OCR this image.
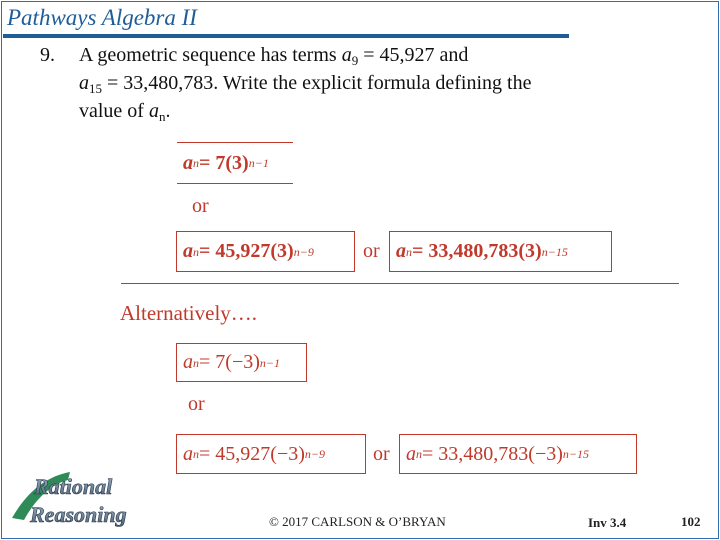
Pathways Algebra II
9. A geometric sequence has terms $a_9 = 45,927$ and
$a_{15} = 33,480,783$. Write the explicit formula defining the
value of $a_n$.
a n = 7(3) n−1
or
a n = 45,927(3) n−9 or a n = 33,480,783(3) n−15
Alternatively….
a n = 7(−3) n−1
or
a n = 45,927(−3) n−9 or a n = 33,480,783(−3) n−15
Rational
Reasoning	© 2017 CARLSON & O’BRYAN	Inv 3.4	102
